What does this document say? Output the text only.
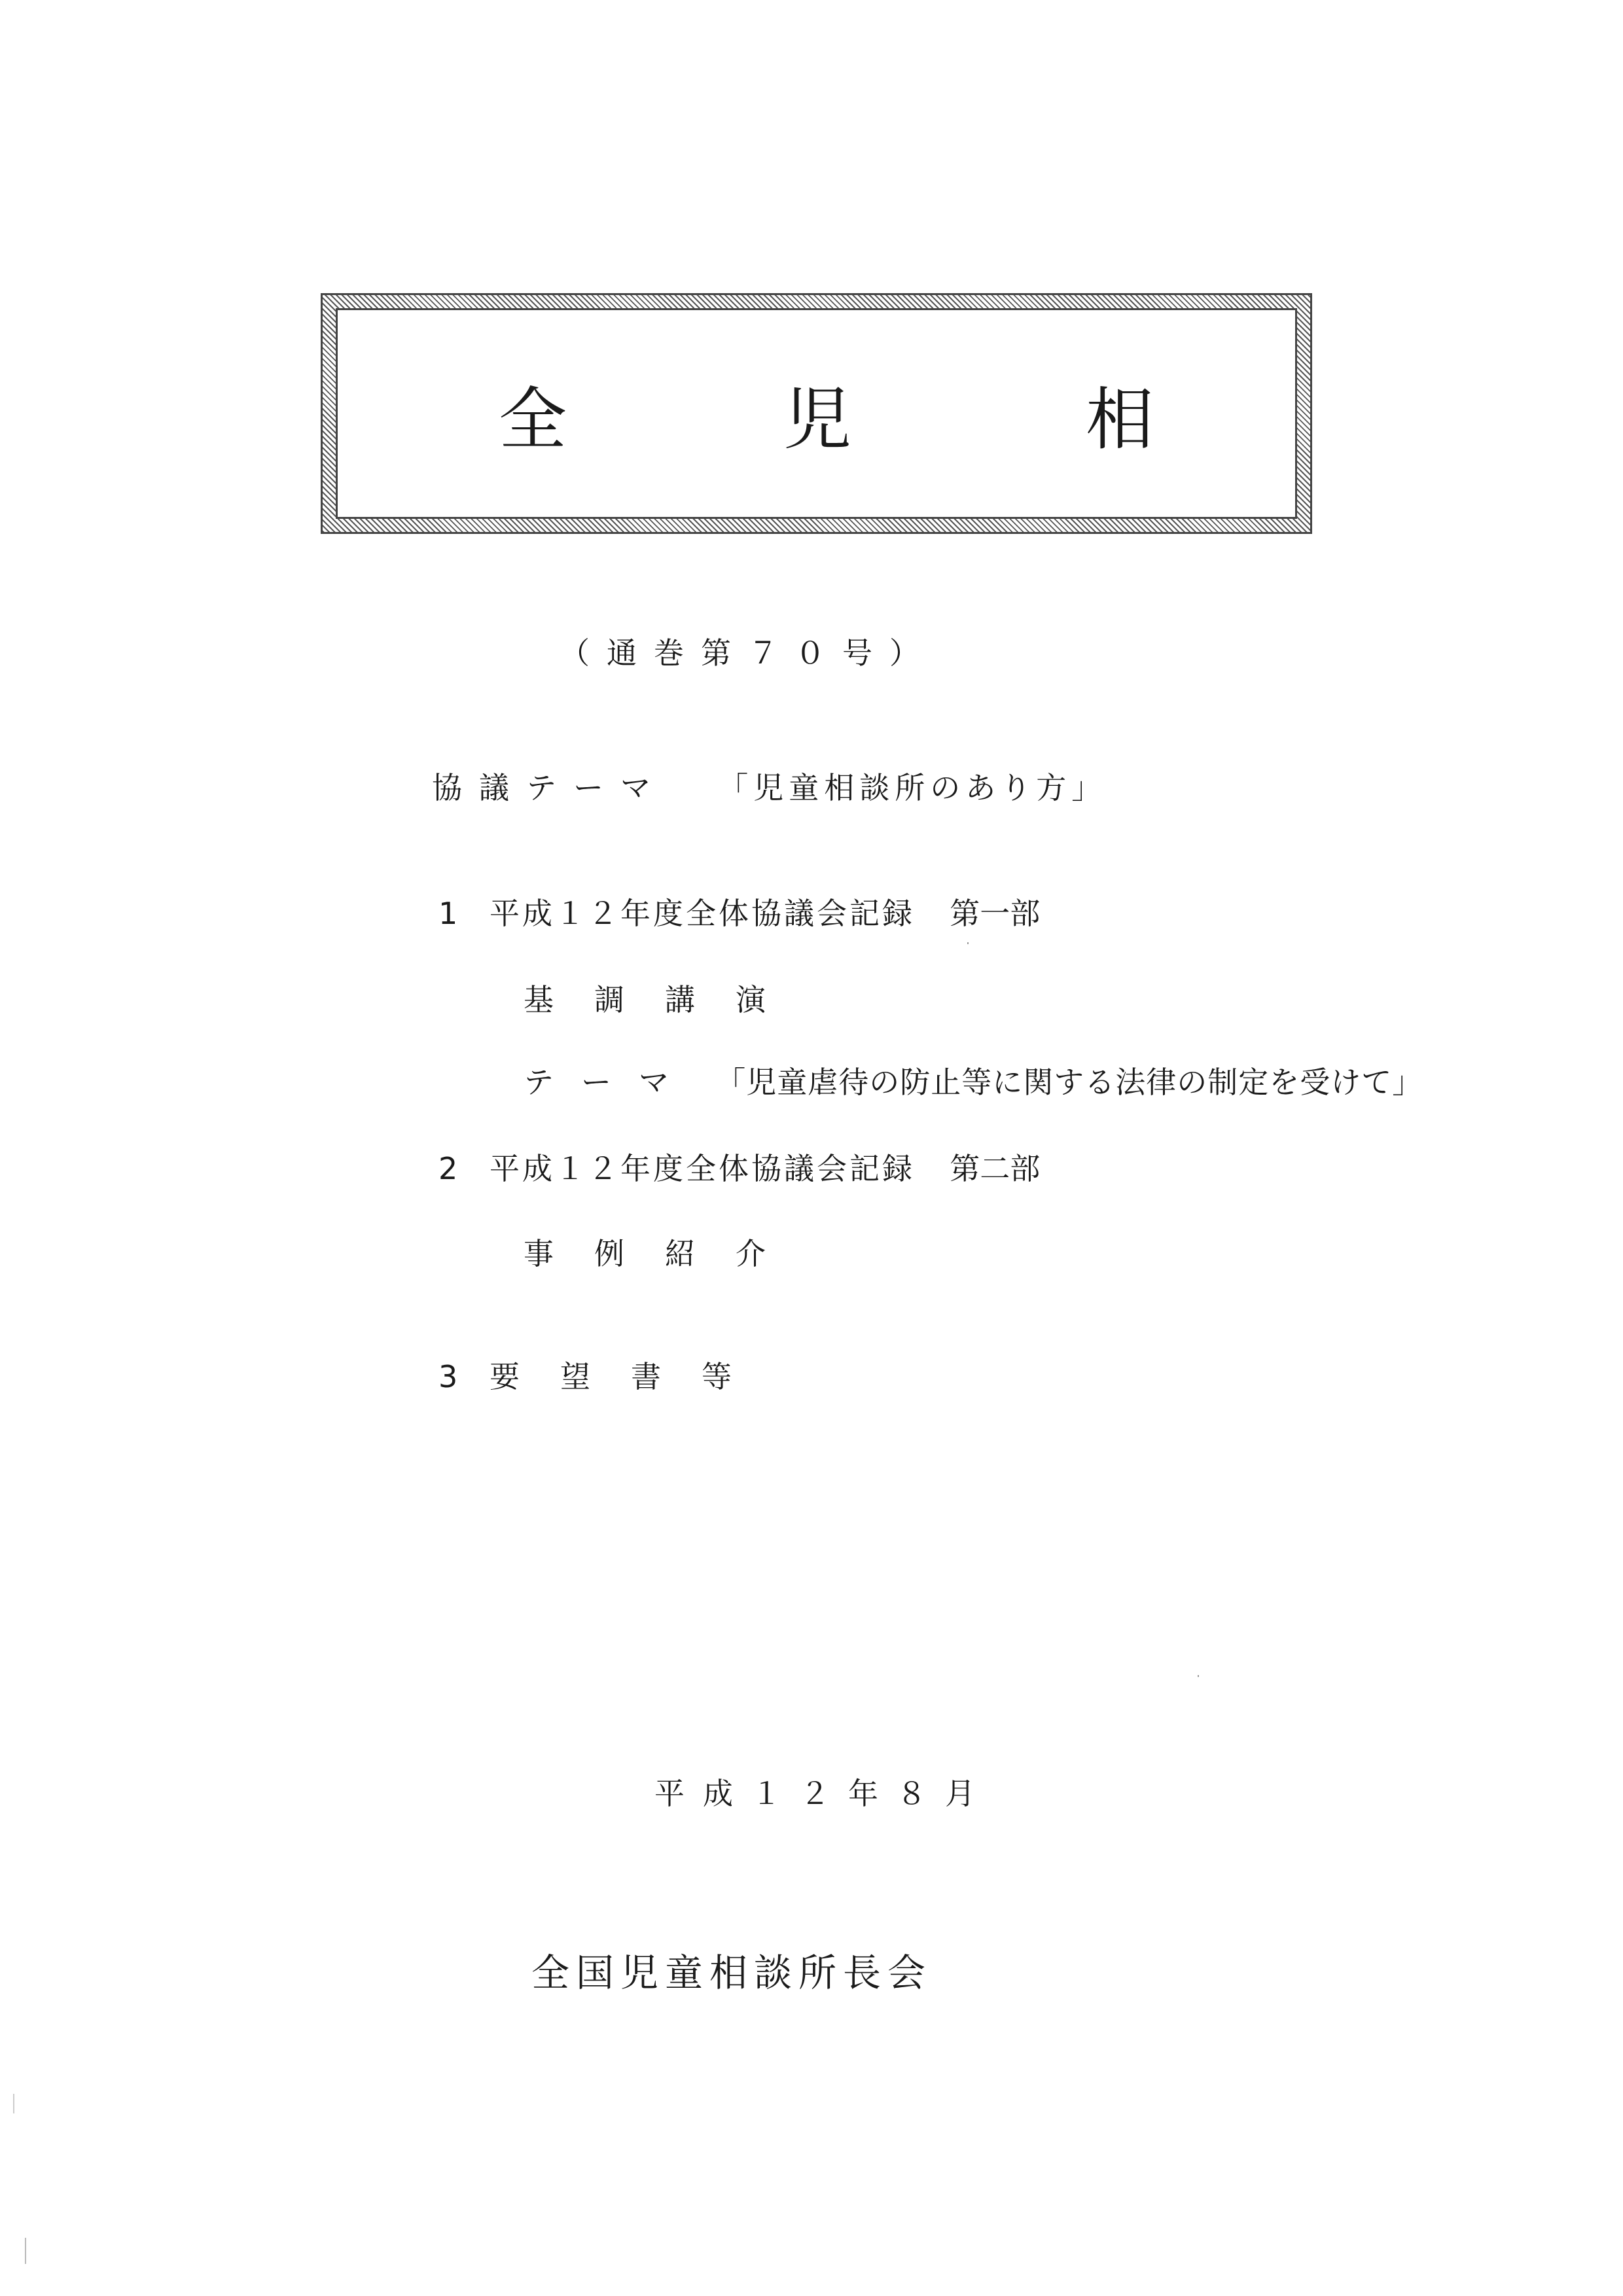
全	児	相
（通巻第７０号）
協議テーマ 「児童相談所のあり方」
1 平成１２年度全体協議会記録 第一部
基調講演
テーマ 「児童虐待の防止等に関する法律の制定を受けて」
2 平成１２年度全体協議会記録 第二部
事例紹介
3 要望書等
平成１２年８月
全国児童相談所長会
